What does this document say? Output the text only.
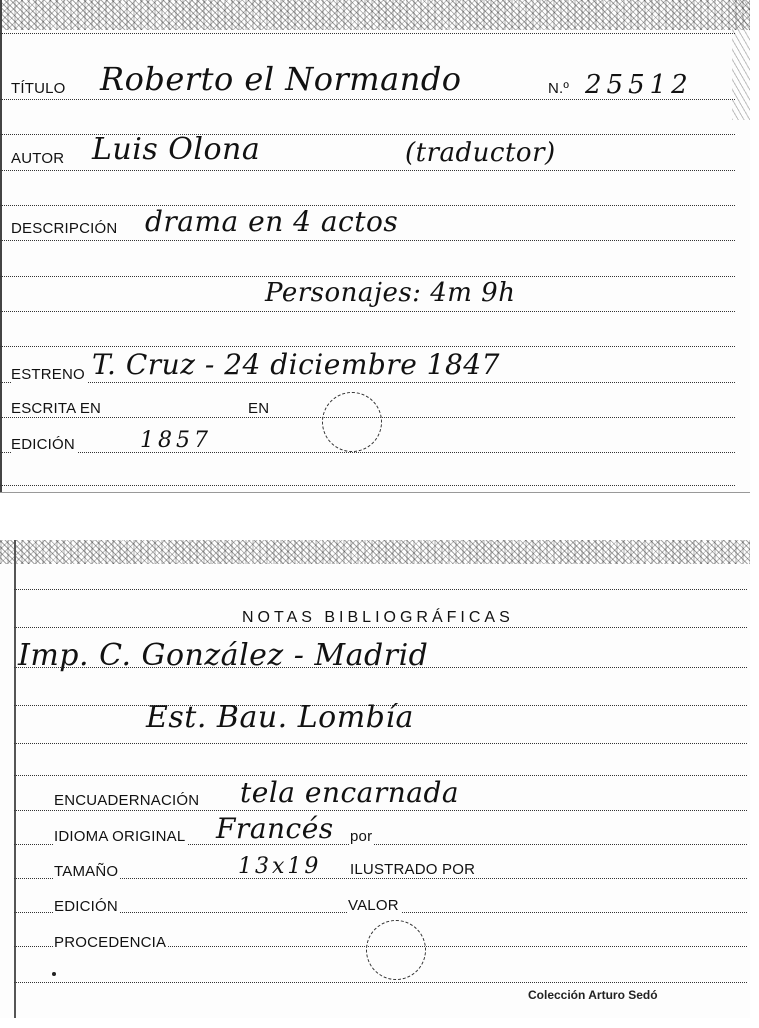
TÍTULO Roberto el Normando	N.º 25512
AUTOR Luis Olona	(traductor)
DESCRIPCIÓN drama en 4 actos
Personajes: 4m 9h
ESTRENO T. Cruz - 24 diciembre 1847
ESCRITA EN	EN
EDICIÓN	1857
NOTAS BIBLIOGRÁFICAS
Imp. C. González - Madrid
Est. Bau. Lombía
ENCUADERNACIÓN tela encarnada
IDIOMA ORIGINAL Francés por
TAMAÑO	13x19 ILUSTRADO POR
EDICIÓN	VALOR
PROCEDENCIA
Colección Arturo Sedó
